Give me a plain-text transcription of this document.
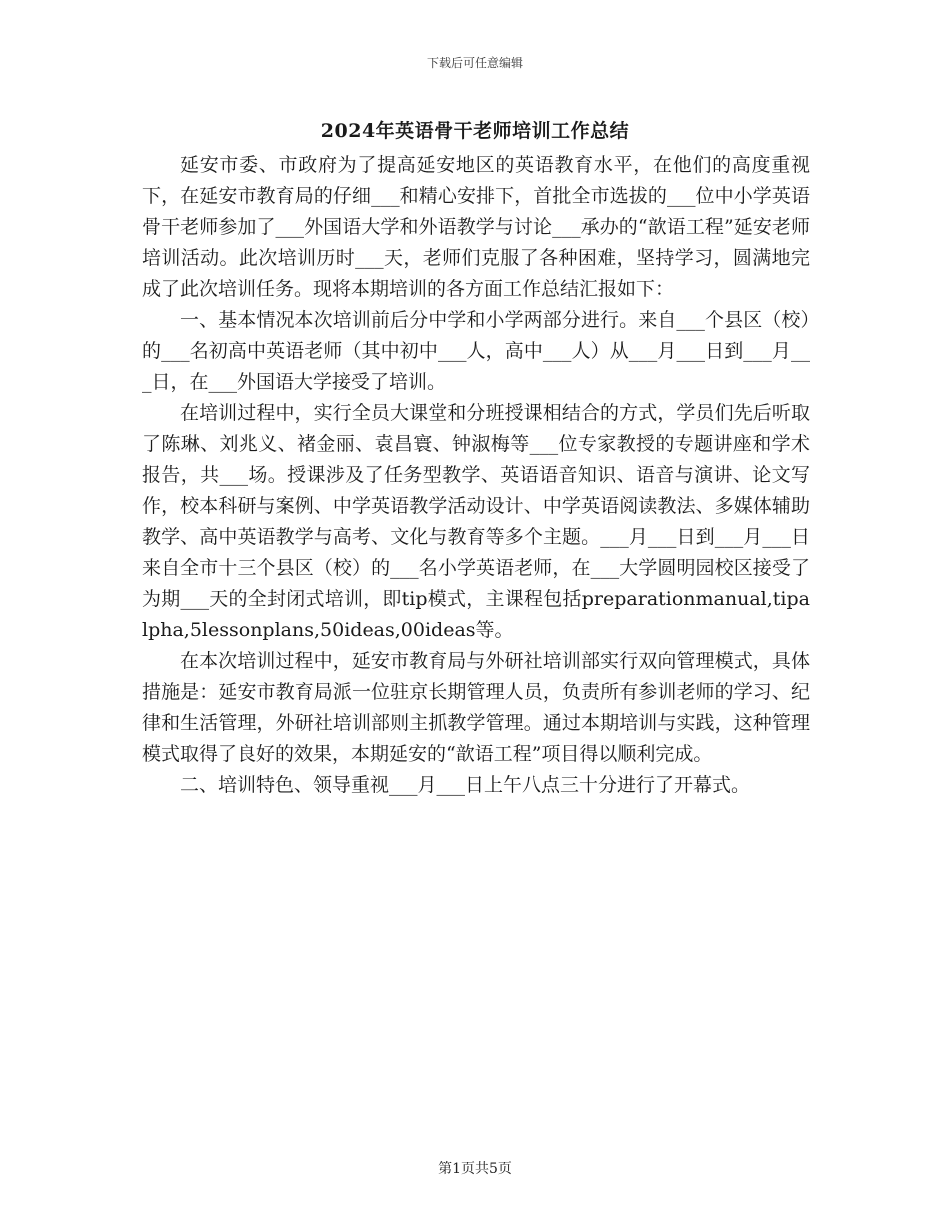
下载后可任意编辑
2024年英语骨干老师培训工作总结

延安市委、市政府为了提高延安地区的英语教育水平，在他们的高度重视下，在延安市教育局的仔细___和精心安排下，首批全市选拔的___位中小学英语骨干老师参加了___外国语大学和外语教学与讨论___承办的“歆语工程”延安老师培训活动。此次培训历时___天，老师们克服了各种困难，坚持学习，圆满地完成了此次培训任务。现将本期培训的各方面工作总结汇报如下：

一、基本情况本次培训前后分中学和小学两部分进行。来自___个县区（校）的___名初高中英语老师（其中初中___人，高中___人）从___月___日到___月___日，在___外国语大学接受了培训。

在培训过程中，实行全员大课堂和分班授课相结合的方式，学员们先后听取了陈琳、刘兆义、褚金丽、袁昌寰、钟淑梅等___位专家教授的专题讲座和学术报告，共___场。授课涉及了任务型教学、英语语音知识、语音与演讲、论文写作，校本科研与案例、中学英语教学活动设计、中学英语阅读教法、多媒体辅助教学、高中英语教学与高考、文化与教育等多个主题。___月___日到___月___日来自全市十三个县区（校）的___名小学英语老师，在___大学圆明园校区接受了为期___天的全封闭式培训，即tip模式，主课程包括preparationmanual,tipalpha,5lessonplans,50ideas,00ideas等。

在本次培训过程中，延安市教育局与外研社培训部实行双向管理模式，具体措施是：延安市教育局派一位驻京长期管理人员，负责所有参训老师的学习、纪律和生活管理，外研社培训部则主抓教学管理。通过本期培训与实践，这种管理模式取得了良好的效果，本期延安的“歆语工程”项目得以顺利完成。

二、培训特色、领导重视___月___日上午八点三十分进行了开幕式。

第1页共5页
